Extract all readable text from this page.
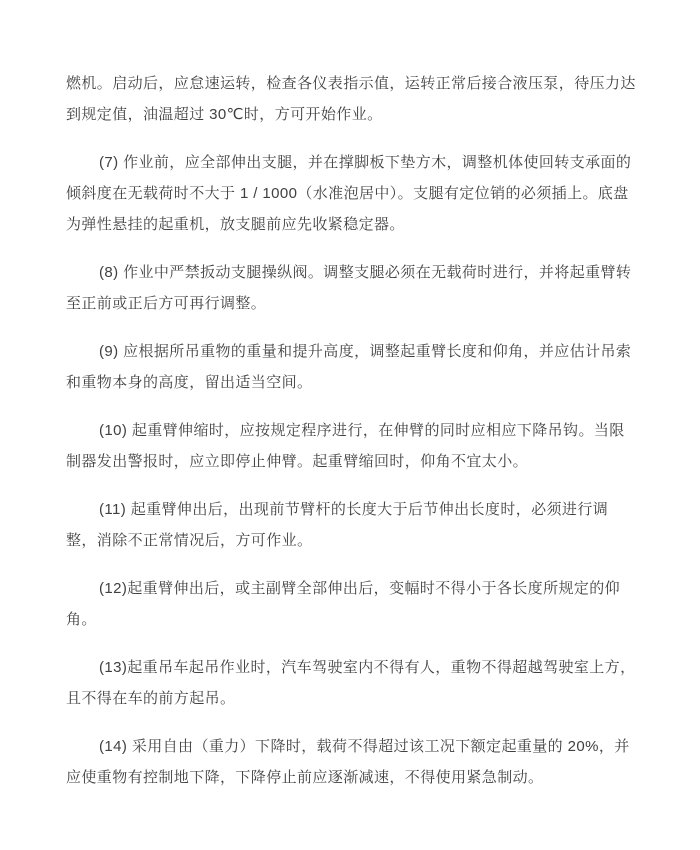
燃机。启动后，应怠速运转，检查各仪表指示值，运转正常后接合液压泵，待压力达到规定值，油温超过 30℃时，方可开始作业。

(7) 作业前，应全部伸出支腿，并在撑脚板下垫方木，调整机体使回转支承面的倾斜度在无载荷时不大于 1 / 1000（水准泡居中）。支腿有定位销的必须插上。底盘为弹性悬挂的起重机，放支腿前应先收紧稳定器。

(8) 作业中严禁扳动支腿操纵阀。调整支腿必须在无载荷时进行，并将起重臂转至正前或正后方可再行调整。

(9) 应根据所吊重物的重量和提升高度，调整起重臂长度和仰角，并应估计吊索和重物本身的高度，留出适当空间。

(10) 起重臂伸缩时，应按规定程序进行，在伸臂的同时应相应下降吊钩。当限制器发出警报时，应立即停止伸臂。起重臂缩回时，仰角不宜太小。

(11) 起重臂伸出后，出现前节臂杆的长度大于后节伸出长度时，必须进行调整，消除不正常情况后，方可作业。

(12)起重臂伸出后，或主副臂全部伸出后，变幅时不得小于各长度所规定的仰角。

(13)起重吊车起吊作业时，汽车驾驶室内不得有人，重物不得超越驾驶室上方，且不得在车的前方起吊。

(14) 采用自由（重力）下降时，载荷不得超过该工况下额定起重量的 20%，并应使重物有控制地下降，下降停止前应逐渐减速，不得使用紧急制动。
